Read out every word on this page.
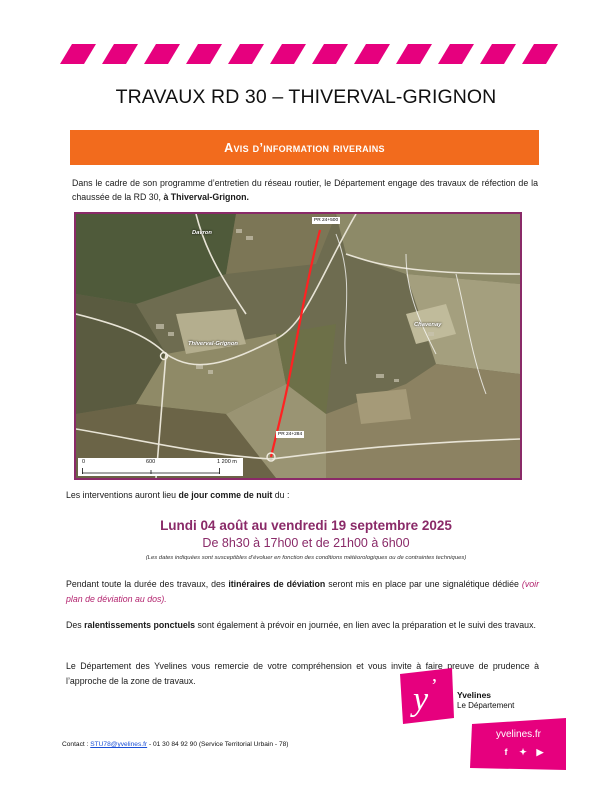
TRAVAUX RD 30 – THIVERVAL-GRIGNON
Avis d’information riverains
Dans le cadre de son programme d’entretien du réseau routier, le Département engage des travaux de réfection de la chaussée de la RD 30, à Thiverval-Grignon.
Davron
Thiverval-Grignon
Chavenay
PR 24+500
PR 24+284
0	600	1 200 m
Les interventions auront lieu de jour comme de nuit du :
Lundi 04 août au vendredi 19 septembre 2025
De 8h30 à 17h00 et de 21h00 à 6h00
(Les dates indiquées sont susceptibles d’évoluer en fonction des conditions météorologiques ou de contraintes techniques)
Pendant toute la durée des travaux, des itinéraires de déviation seront mis en place par une signalétique dédiée (voir plan de déviation au dos).
Des ralentissements ponctuels sont également à prévoir en journée, en lien avec la préparation et le suivi des travaux.
Le Département des Yvelines vous remercie de votre compréhension et vous invite à faire preuve de prudence à l’approche de la zone de travaux.	y ’ Yvelines
Le Département
Contact : STU78@yvelines.fr - 01 30 84 92 90 (Service Territorial Urbain - 78)
yvelines.fr
f	✦ ▶
